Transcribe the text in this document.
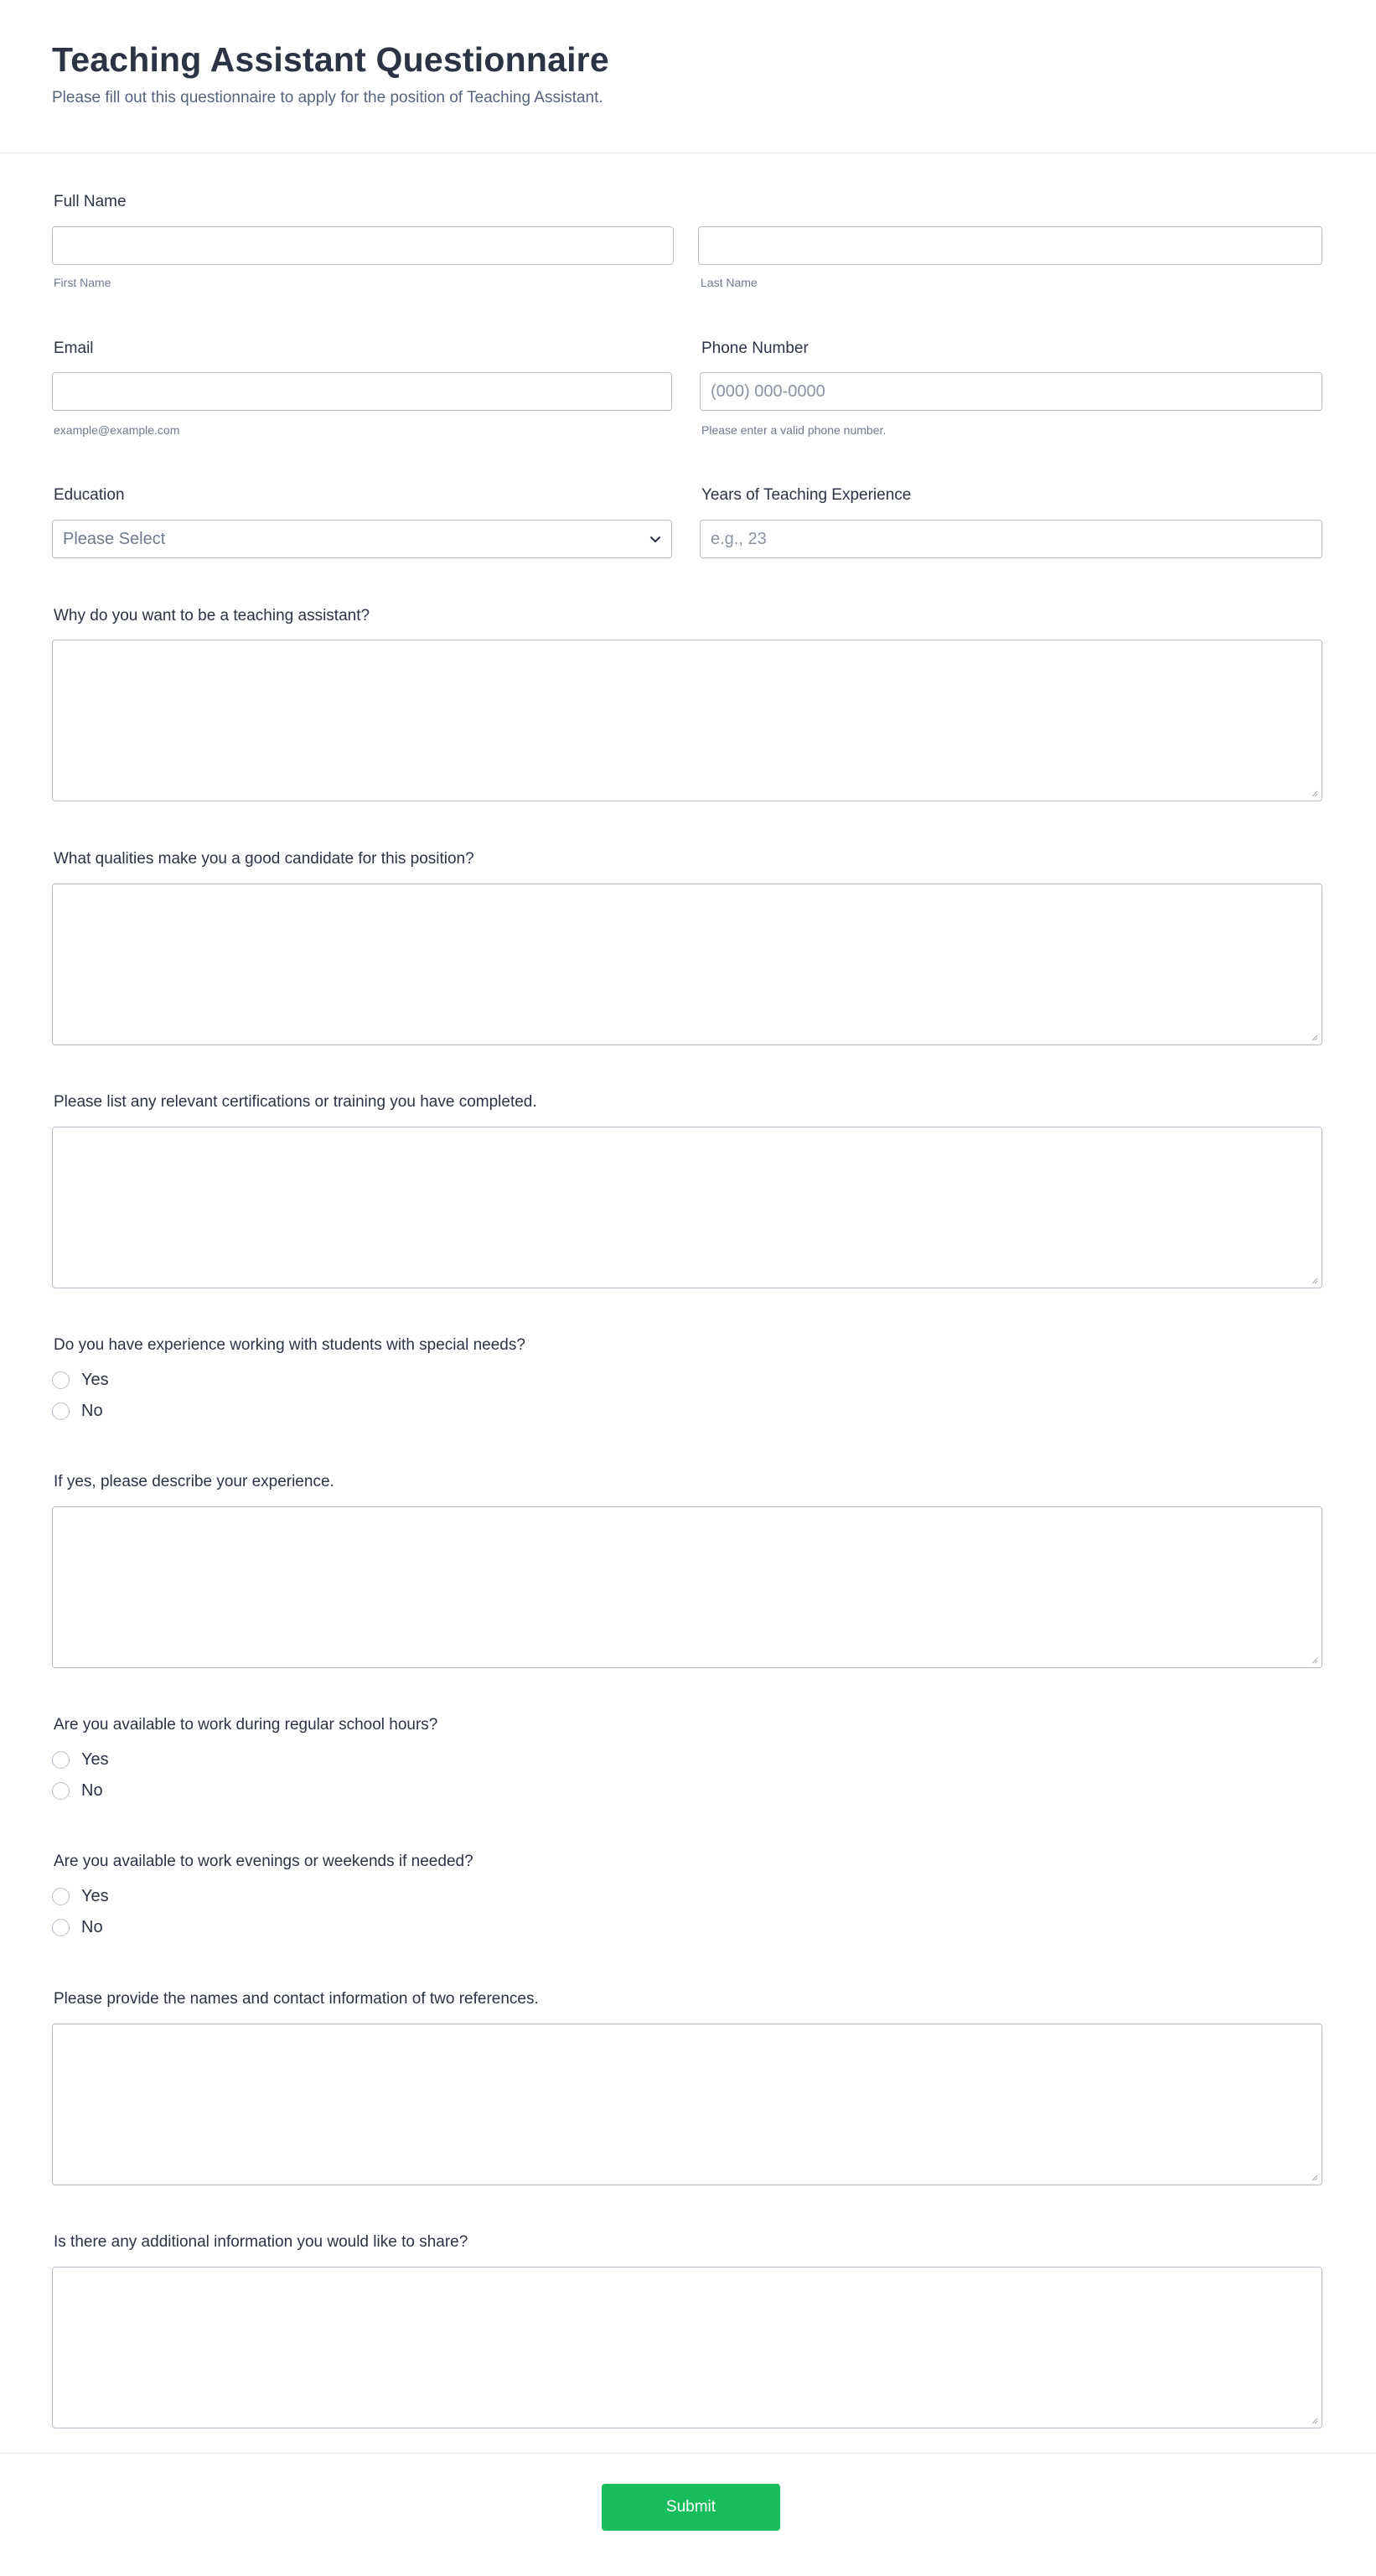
Teaching Assistant Questionnaire
Please fill out this questionnaire to apply for the position of Teaching Assistant.
Full Name
First Name	Last Name
Email
example@example.com
Phone Number
(000) 000-0000
Please enter a valid phone number.
Education
Please Select
Years of Teaching Experience
e.g., 23
Why do you want to be a teaching assistant?
What qualities make you a good candidate for this position?
Please list any relevant certifications or training you have completed.
Do you have experience working with students with special needs?
Yes
No
If yes, please describe your experience.
Are you available to work during regular school hours?
Yes
No
Are you available to work evenings or weekends if needed?
Yes
No
Please provide the names and contact information of two references.
Is there any additional information you would like to share?
Submit
